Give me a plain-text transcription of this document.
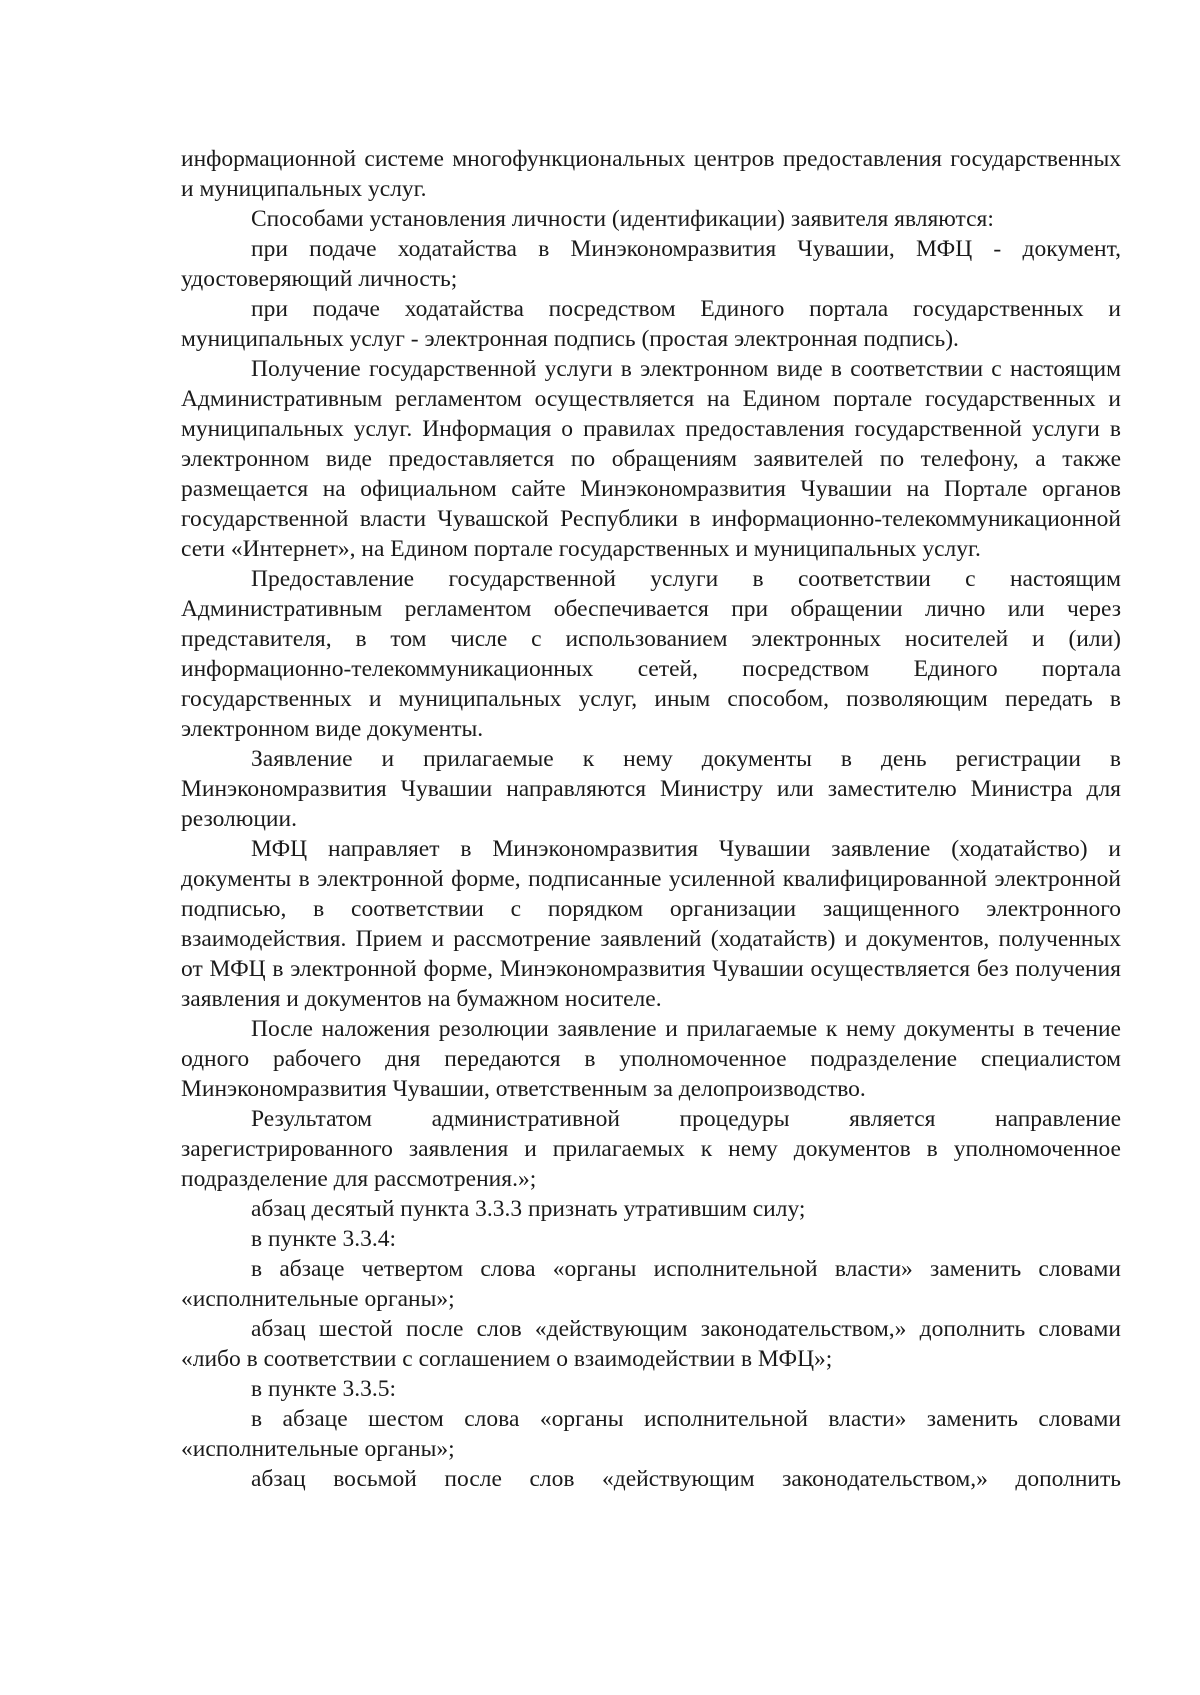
информационной системе многофункциональных центров предоставления государственных и муниципальных услуг.

Способами установления личности (идентификации) заявителя являются:

при подаче ходатайства в Минэкономразвития Чувашии, МФЦ - документ, удостоверяющий личность;

при подаче ходатайства посредством Единого портала государственных и муниципальных услуг - электронная подпись (простая электронная подпись).

Получение государственной услуги в электронном виде в соответствии с настоящим Административным регламентом осуществляется на Едином портале государственных и муниципальных услуг. Информация о правилах предоставления государственной услуги в электронном виде предоставляется по обращениям заявителей по телефону, а также размещается на официальном сайте Минэкономразвития Чувашии на Портале органов государственной власти Чувашской Республики в информационно-телекоммуникационной сети «Интернет», на Едином портале государственных и муниципальных услуг.

Предоставление государственной услуги в соответствии с настоящим Административным регламентом обеспечивается при обращении лично или через представителя, в том числе с использованием электронных носителей и (или) информационно-телекоммуникационных сетей, посредством Единого портала государственных и муниципальных услуг, иным способом, позволяющим передать в электронном виде документы.

Заявление и прилагаемые к нему документы в день регистрации в Минэкономразвития Чувашии направляются Министру или заместителю Министра для резолюции.

МФЦ направляет в Минэкономразвития Чувашии заявление (ходатайство) и документы в электронной форме, подписанные усиленной квалифицированной электронной подписью, в соответствии с порядком организации защищенного электронного взаимодействия. Прием и рассмотрение заявлений (ходатайств) и документов, полученных от МФЦ в электронной форме, Минэкономразвития Чувашии осуществляется без получения заявления и документов на бумажном носителе.

После наложения резолюции заявление и прилагаемые к нему документы в течение одного рабочего дня передаются в уполномоченное подразделение специалистом Минэкономразвития Чувашии, ответственным за делопроизводство.

Результатом административной процедуры является направление зарегистрированного заявления и прилагаемых к нему документов в уполномоченное подразделение для рассмотрения.»;

абзац десятый пункта 3.3.3 признать утратившим силу;

в пункте 3.3.4:

в абзаце четвертом слова «органы исполнительной власти» заменить словами «исполнительные органы»;

абзац шестой после слов «действующим законодательством,» дополнить словами «либо в соответствии с соглашением о взаимодействии в МФЦ»;

в пункте 3.3.5:

в абзаце шестом слова «органы исполнительной власти» заменить словами «исполнительные органы»;

абзац восьмой после слов «действующим законодательством,» дополнить
